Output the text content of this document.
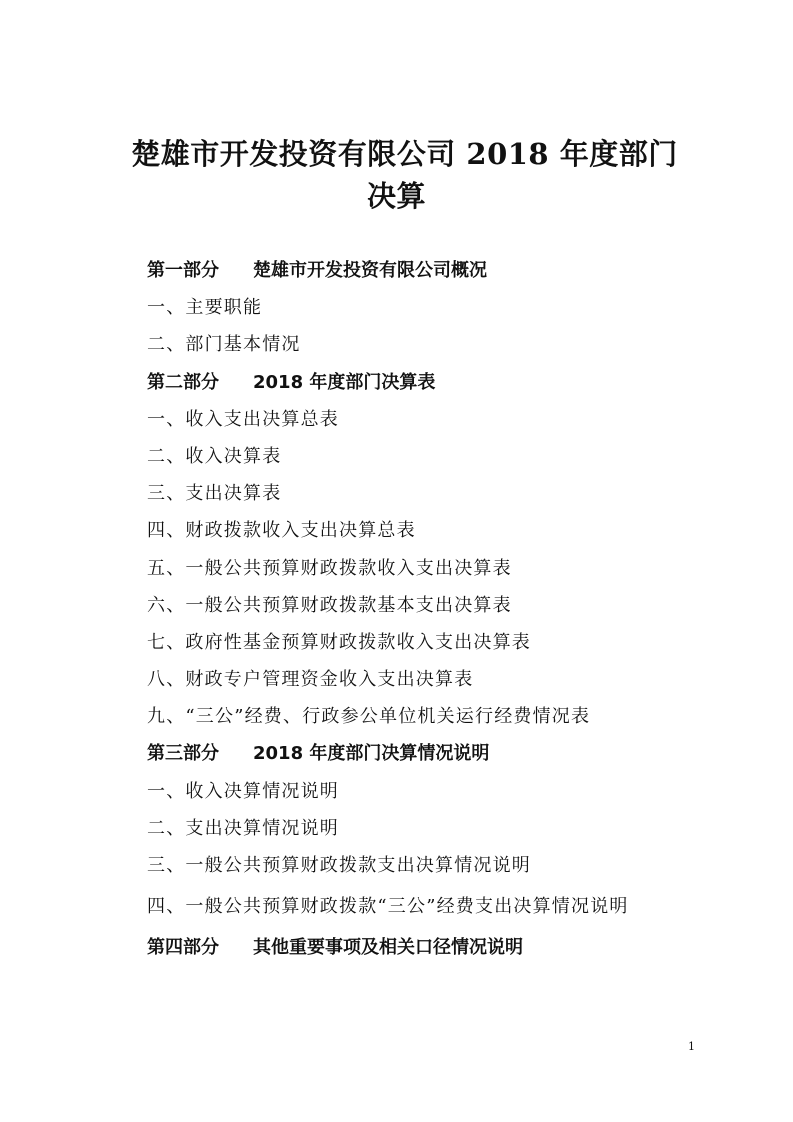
楚雄市开发投资有限公司 2018 年度部门
决算
第一部分 楚雄市开发投资有限公司概况
一、主要职能
二、部门基本情况
第二部分 2018 年度部门决算表
一、收入支出决算总表
二、收入决算表
三、支出决算表
四、财政拨款收入支出决算总表
五、一般公共预算财政拨款收入支出决算表
六、一般公共预算财政拨款基本支出决算表
七、政府性基金预算财政拨款收入支出决算表
八、财政专户管理资金收入支出决算表
九、“三公”经费、行政参公单位机关运行经费情况表
第三部分 2018 年度部门决算情况说明
一、收入决算情况说明
二、支出决算情况说明
三、一般公共预算财政拨款支出决算情况说明
四、一般公共预算财政拨款“三公”经费支出决算情况说明
第四部分 其他重要事项及相关口径情况说明
1
